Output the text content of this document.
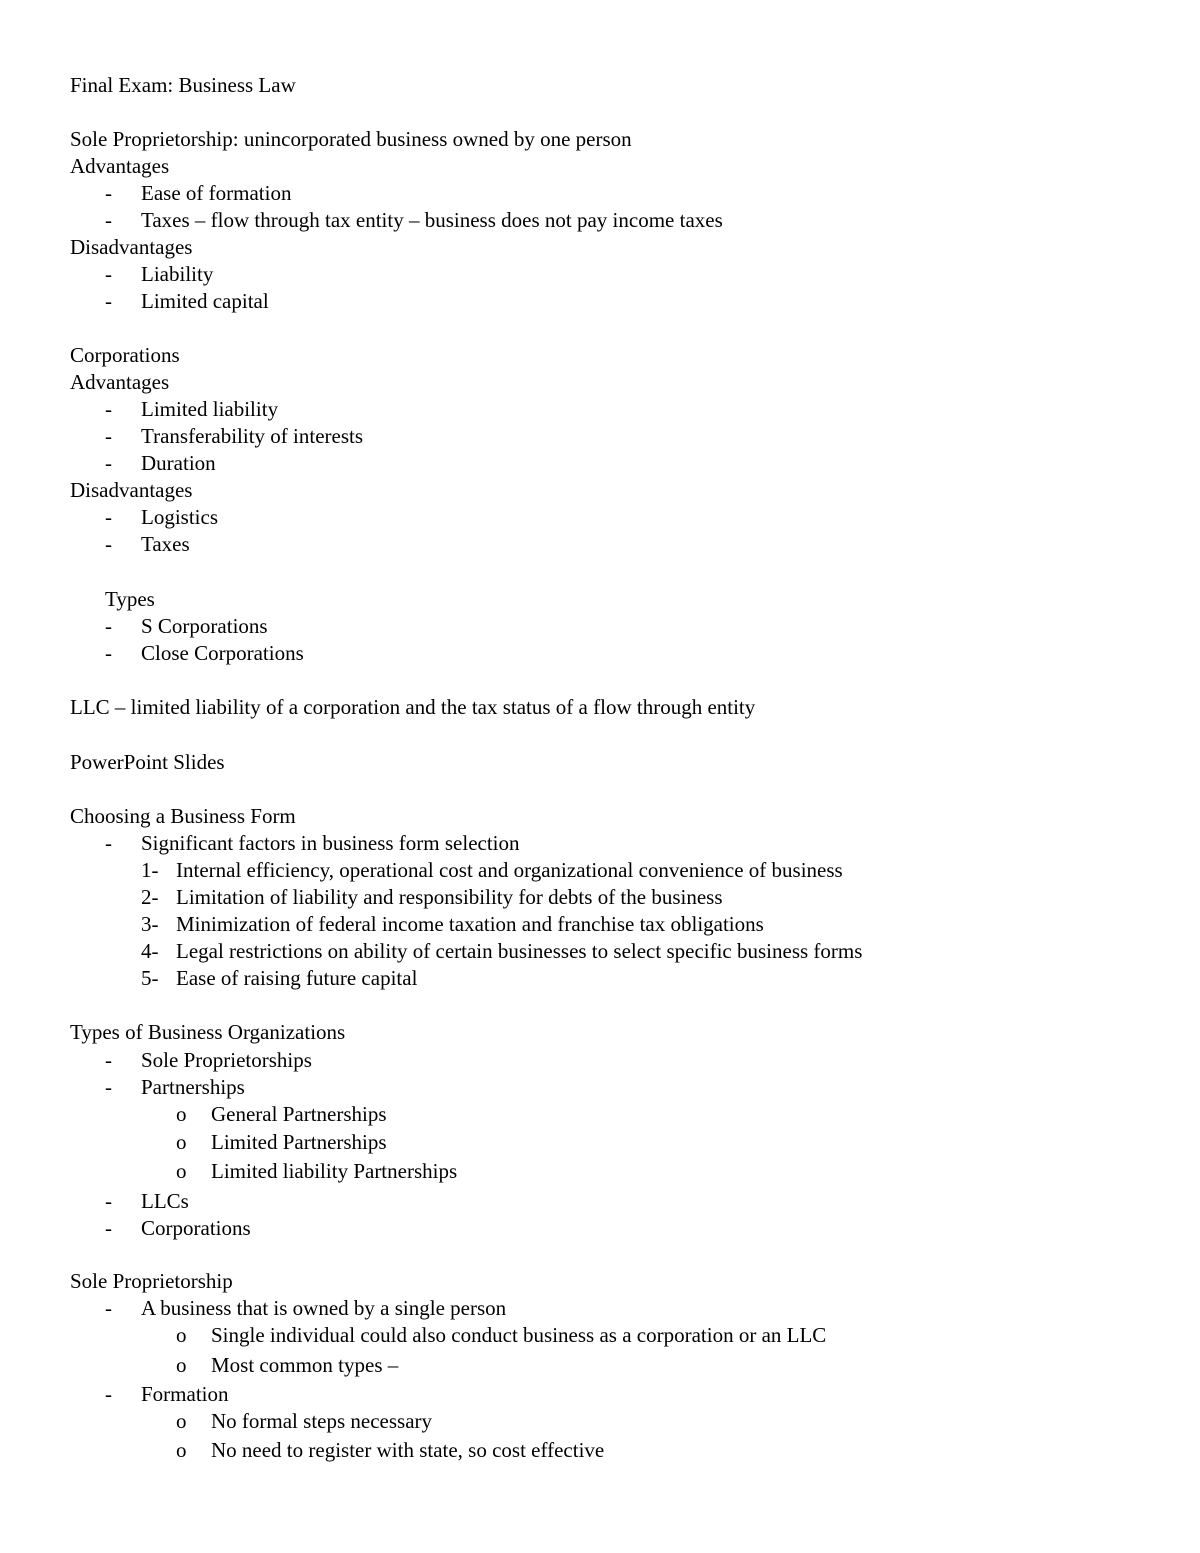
Final Exam: Business Law
Sole Proprietorship: unincorporated business owned by one person
Advantages
- Ease of formation
- Taxes – flow through tax entity – business does not pay income taxes
Disadvantages
- Liability
- Limited capital
Corporations
Advantages
- Limited liability
- Transferability of interests
- Duration
Disadvantages
- Logistics
- Taxes
Types
- S Corporations
- Close Corporations
LLC – limited liability of a corporation and the tax status of a flow through entity
PowerPoint Slides
Choosing a Business Form
- Significant factors in business form selection
1- Internal efficiency, operational cost and organizational convenience of business
2- Limitation of liability and responsibility for debts of the business
3- Minimization of federal income taxation and franchise tax obligations
4- Legal restrictions on ability of certain businesses to select specific business forms
5- Ease of raising future capital
Types of Business Organizations
- Sole Proprietorships
- Partnerships
o General Partnerships
o Limited Partnerships
o Limited liability Partnerships
- LLCs
- Corporations
Sole Proprietorship
- A business that is owned by a single person
o Single individual could also conduct business as a corporation or an LLC
o Most common types –
- Formation
o No formal steps necessary
o No need to register with state, so cost effective
